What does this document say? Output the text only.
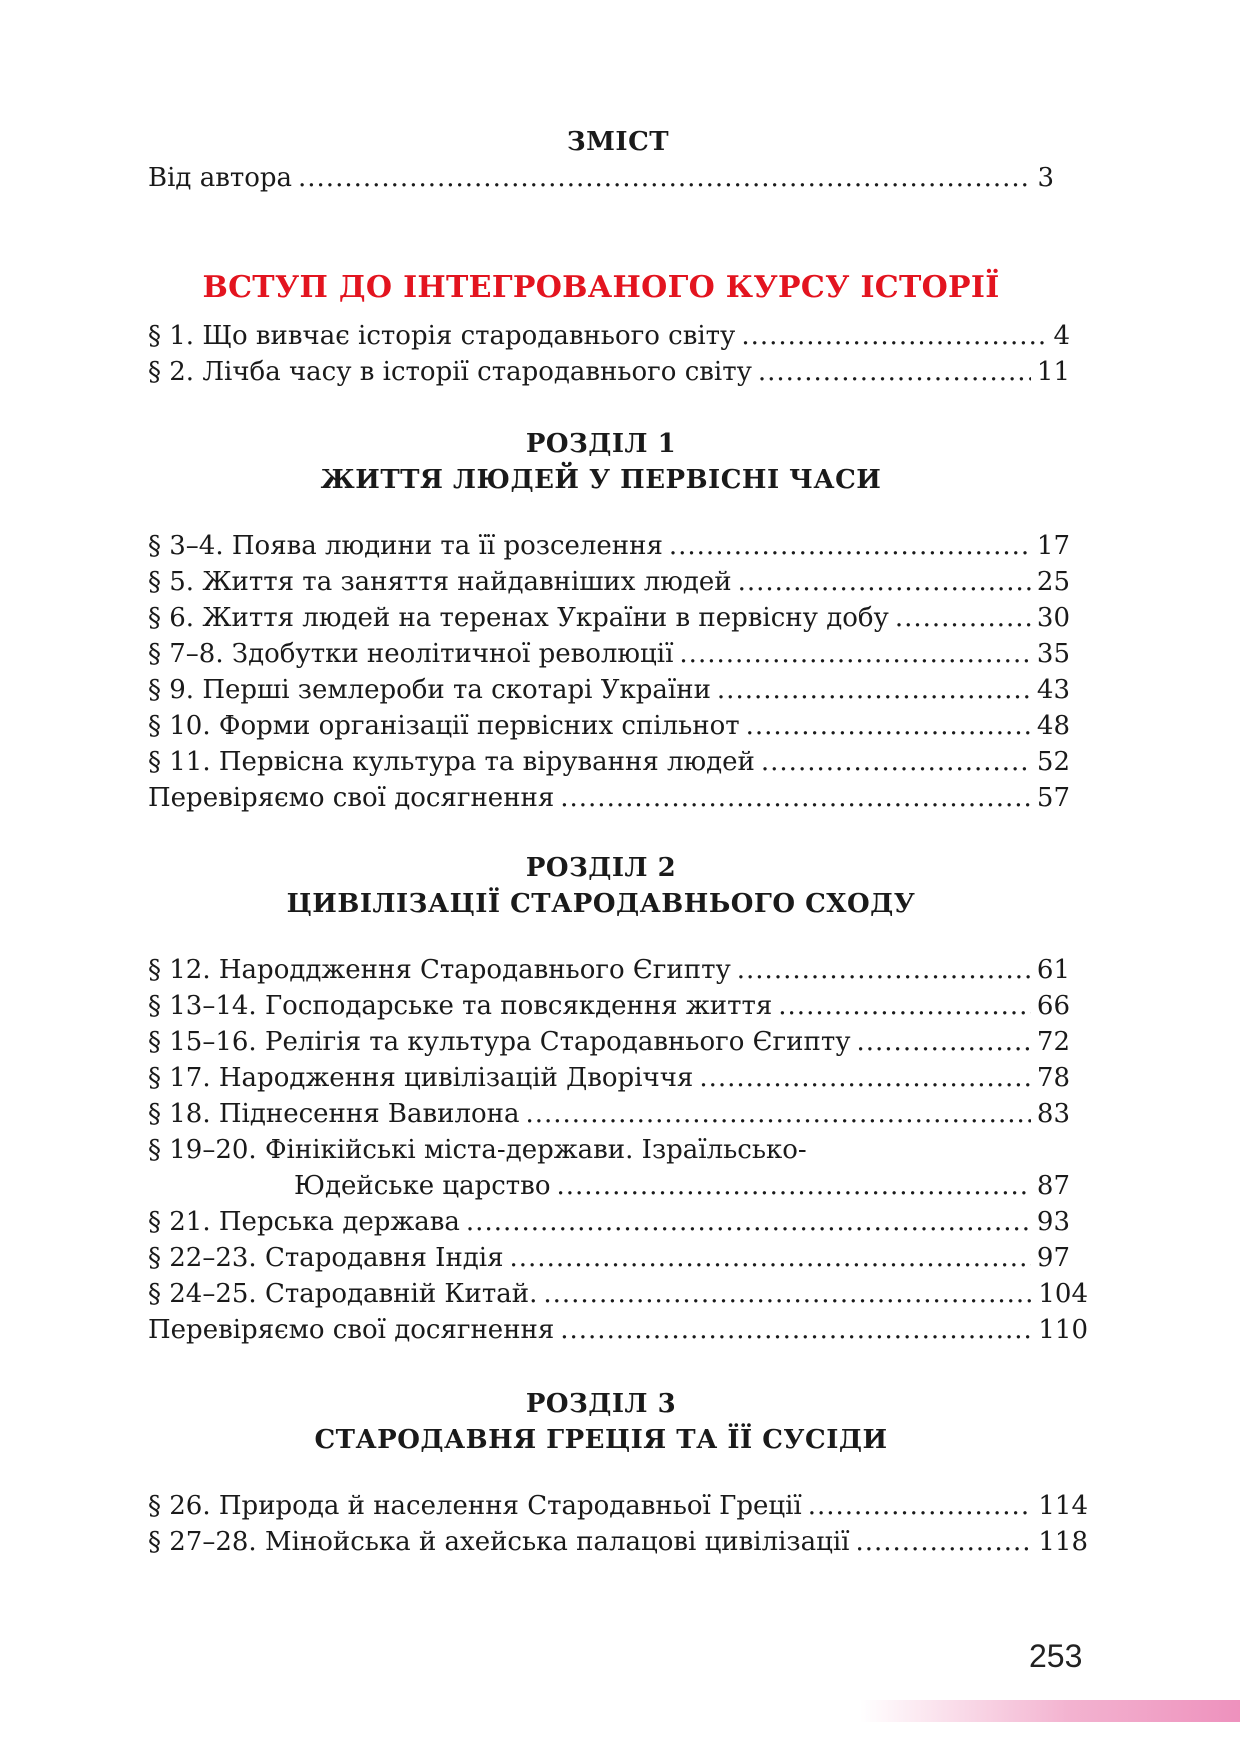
ЗМІСТ
Від автора .....	3
ВСТУП ДО ІНТЕГРОВАНОГО КУРСУ ІСТОРІЇ
§ 1. Що вивчає історія стародавнього світу .....	4
§ 2. Лічба часу в історії стародавнього світу .....	11
РОЗДІЛ 1
ЖИТТЯ ЛЮДЕЙ У ПЕРВІСНІ ЧАСИ
§ 3–4. Поява людини та її розселення .....	17
§ 5. Життя та заняття найдавніших людей .....	25
§ 6. Життя людей на теренах України в первісну добу .....	30
§ 7–8. Здобутки неолітичної революції .....	35
§ 9. Перші землероби та скотарі України .....	43
§ 10. Форми організації первісних спільнот .....	48
§ 11. Первісна культура та вірування людей .....	52
Перевіряємо свої досягнення .....	57
РОЗДІЛ 2
ЦИВІЛІЗАЦІЇ СТАРОДАВНЬОГО СХОДУ
§ 12. Народдження Стародавнього Єгипту .....	61
§ 13–14. Господарське та повсякдення життя .....	66
§ 15–16. Релігія та культура Стародавнього Єгипту .....	72
§ 17. Народження цивілізацій Дворіччя .....	78
§ 18. Піднесення Вавилона .....	83
§ 19–20. Фінікійські міста-держави. Ізраїльсько-
Юдейське царство .....	87
§ 21. Перська держава .....	93
§ 22–23. Стародавня Індія .....	97
§ 24–25. Стародавній Китай. .....	104
Перевіряємо свої досягнення .....	110
РОЗДІЛ 3
СТАРОДАВНЯ ГРЕЦІЯ ТА ЇЇ СУСІДИ
§ 26. Природа й населення Стародавньої Греції .....	114
§ 27–28. Мінойська й ахейська палацові цивілізації .....	118
253
